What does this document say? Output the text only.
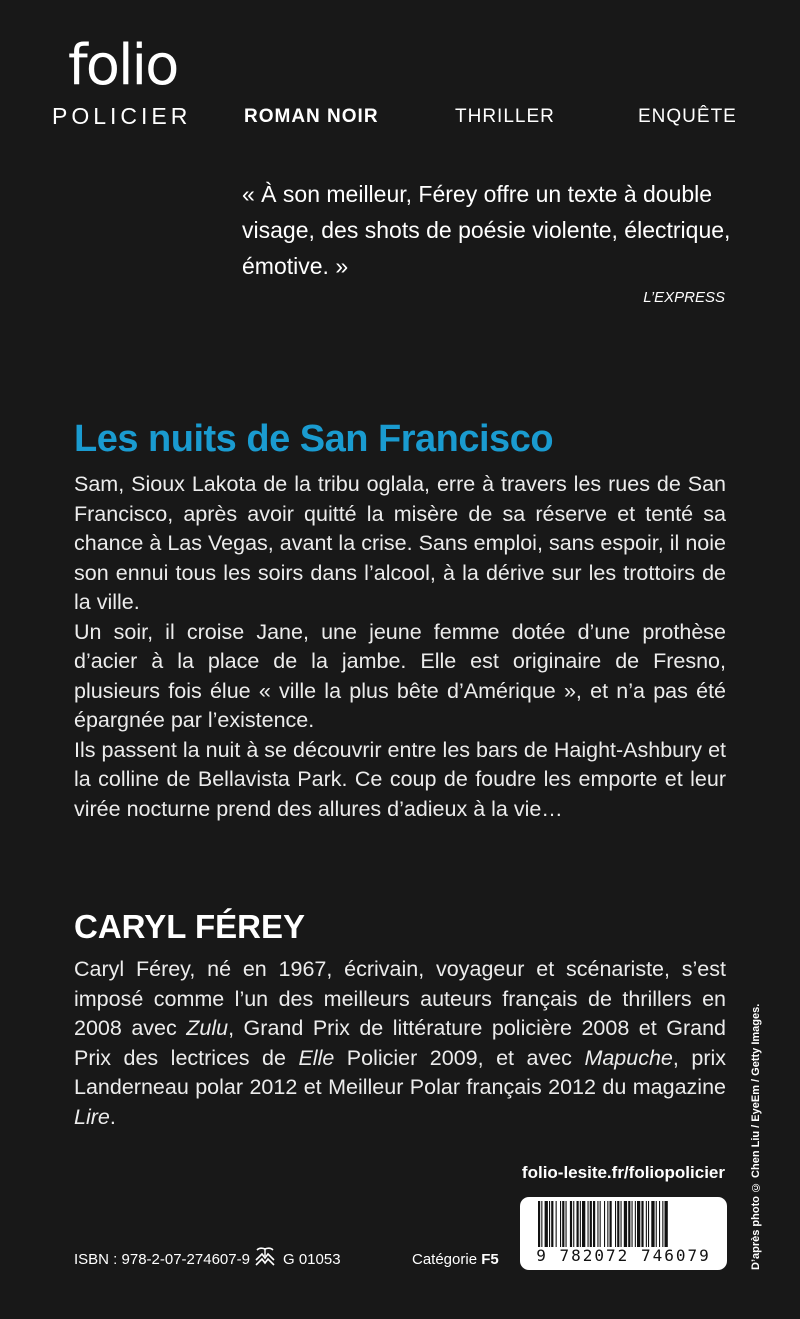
folio
POLICIER	ROMAN NOIR	THRILLER	ENQUÊTE
« À son meilleur, Férey offre un texte à double visage, des shots de poésie violente, électrique, émotive. »
L’EXPRESS
Les nuits de San Francisco

Sam, Sioux Lakota de la tribu oglala, erre à travers les rues de San Francisco, après avoir quitté la misère de sa réserve et tenté sa chance à Las Vegas, avant la crise. Sans emploi, sans espoir, il noie son ennui tous les soirs dans l’alcool, à la dérive sur les trottoirs de la ville.

Un soir, il croise Jane, une jeune femme dotée d’une prothèse d’acier à la place de la jambe. Elle est originaire de Fresno, plusieurs fois élue « ville la plus bête d’Amérique », et n’a pas été épargnée par l’existence.

Ils passent la nuit à se découvrir entre les bars de Haight-Ashbury et la colline de Bellavista Park. Ce coup de foudre les emporte et leur virée nocturne prend des allures d’adieux à la vie…

CARYL FÉREY

Caryl Férey, né en 1967, écrivain, voyageur et scénariste, s’est imposé comme l’un des meilleurs auteurs français de thrillers en 2008 avec Zulu, Grand Prix de littérature policière 2008 et Grand Prix des lectrices de Elle Policier 2009, et avec Mapuche, prix Landerneau polar 2012 et Meilleur Polar français 2012 du magazine Lire.	D’après photo © Chen Liu / EyeEm / Getty Images.
folio-lesite.fr/foliopolicier
9 782072 746079
ISBN : 978-2-07-274607-9 G 01053	Catégorie F5
